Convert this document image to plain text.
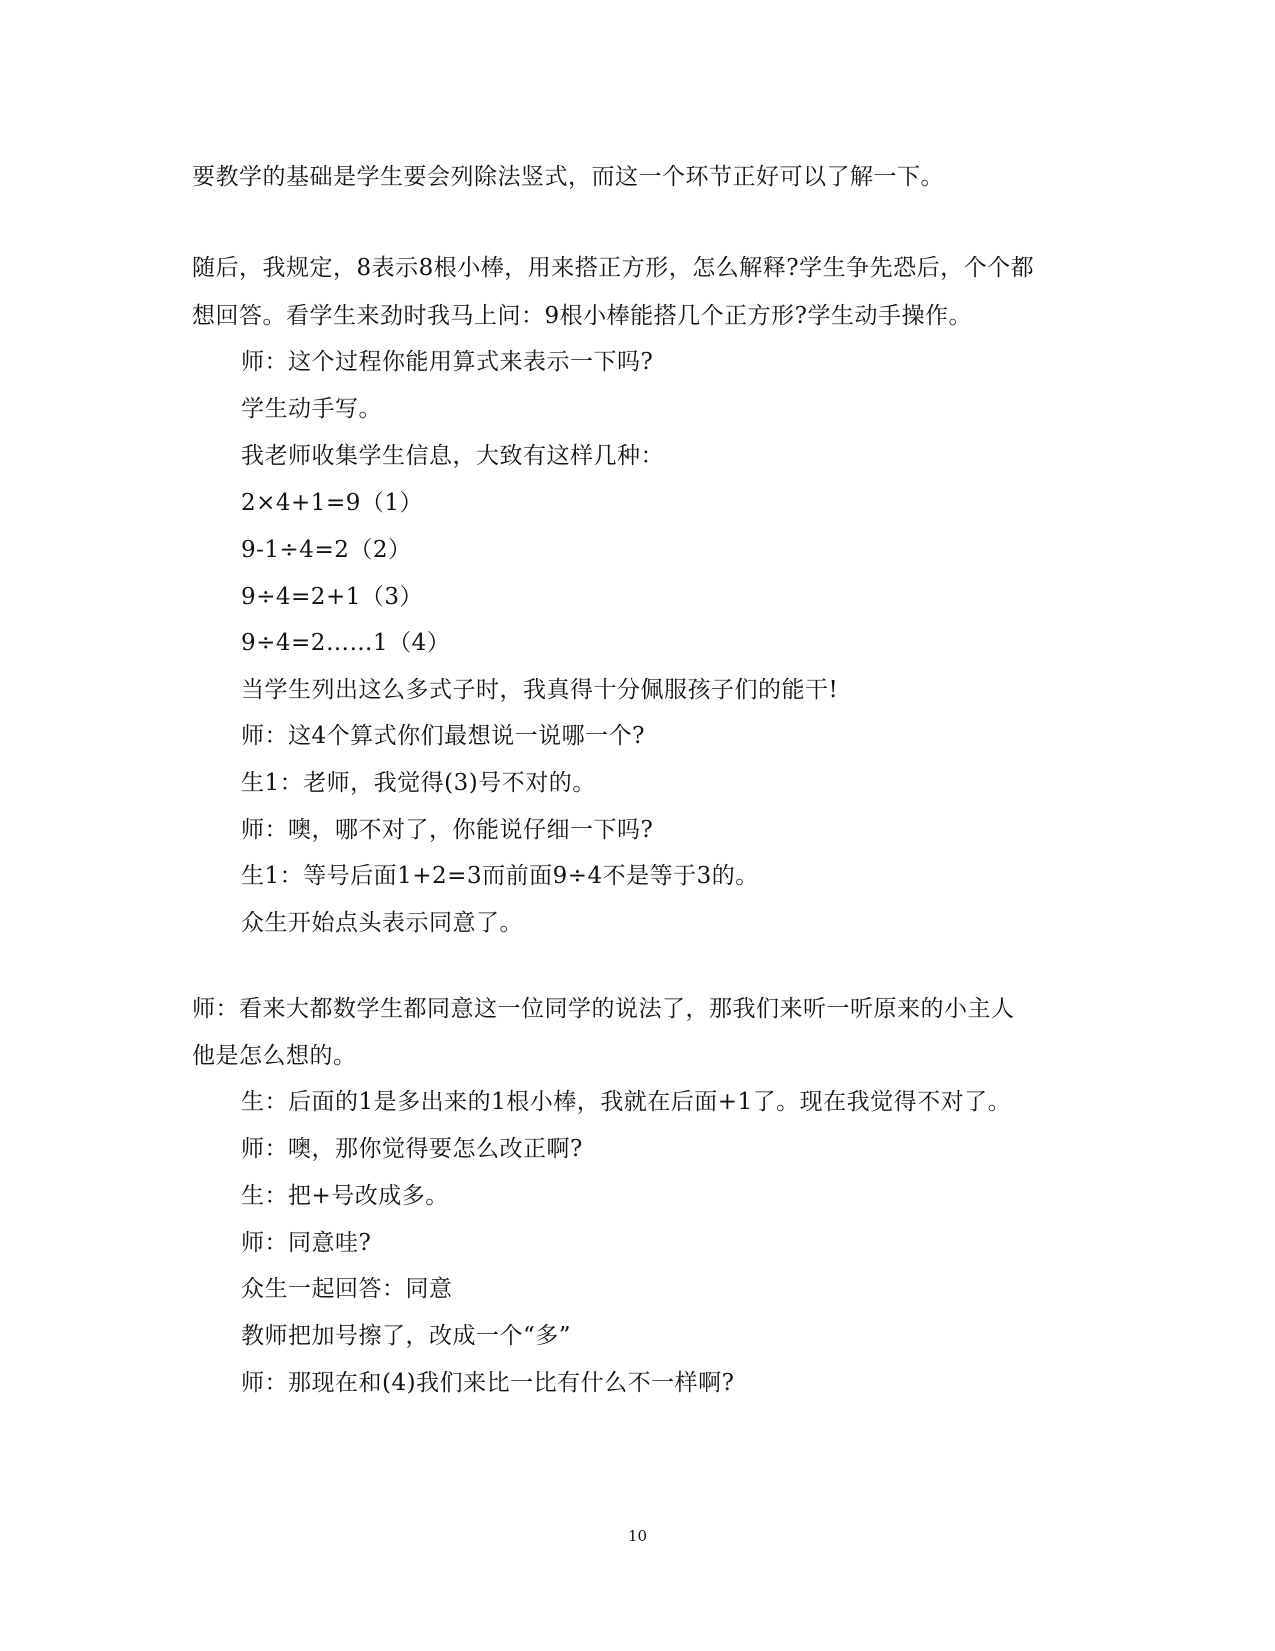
要教学的基础是学生要会列除法竖式，而这一个环节正好可以了解一下。
随后，我规定，8表示8根小棒，用来搭正方形，怎么解释?学生争先恐后，个个都
想回答。看学生来劲时我马上问：9根小棒能搭几个正方形?学生动手操作。
师：这个过程你能用算式来表示一下吗?
学生动手写。
我老师收集学生信息，大致有这样几种：
2×4+1=9（1）
9-1÷4=2（2）
9÷4=2+1（3）
9÷4=2……1（4）
当学生列出这么多式子时，我真得十分佩服孩子们的能干!
师：这4个算式你们最想说一说哪一个?
生1：老师，我觉得(3)号不对的。
师：噢，哪不对了，你能说仔细一下吗?
生1：等号后面1+2=3而前面9÷4不是等于3的。
众生开始点头表示同意了。
师：看来大都数学生都同意这一位同学的说法了，那我们来听一听原来的小主人
他是怎么想的。
生：后面的1是多出来的1根小棒，我就在后面+1了。现在我觉得不对了。
师：噢，那你觉得要怎么改正啊?
生：把+号改成多。
师：同意哇?
众生一起回答：同意
教师把加号擦了，改成一个“多”
师：那现在和(4)我们来比一比有什么不一样啊?
10
